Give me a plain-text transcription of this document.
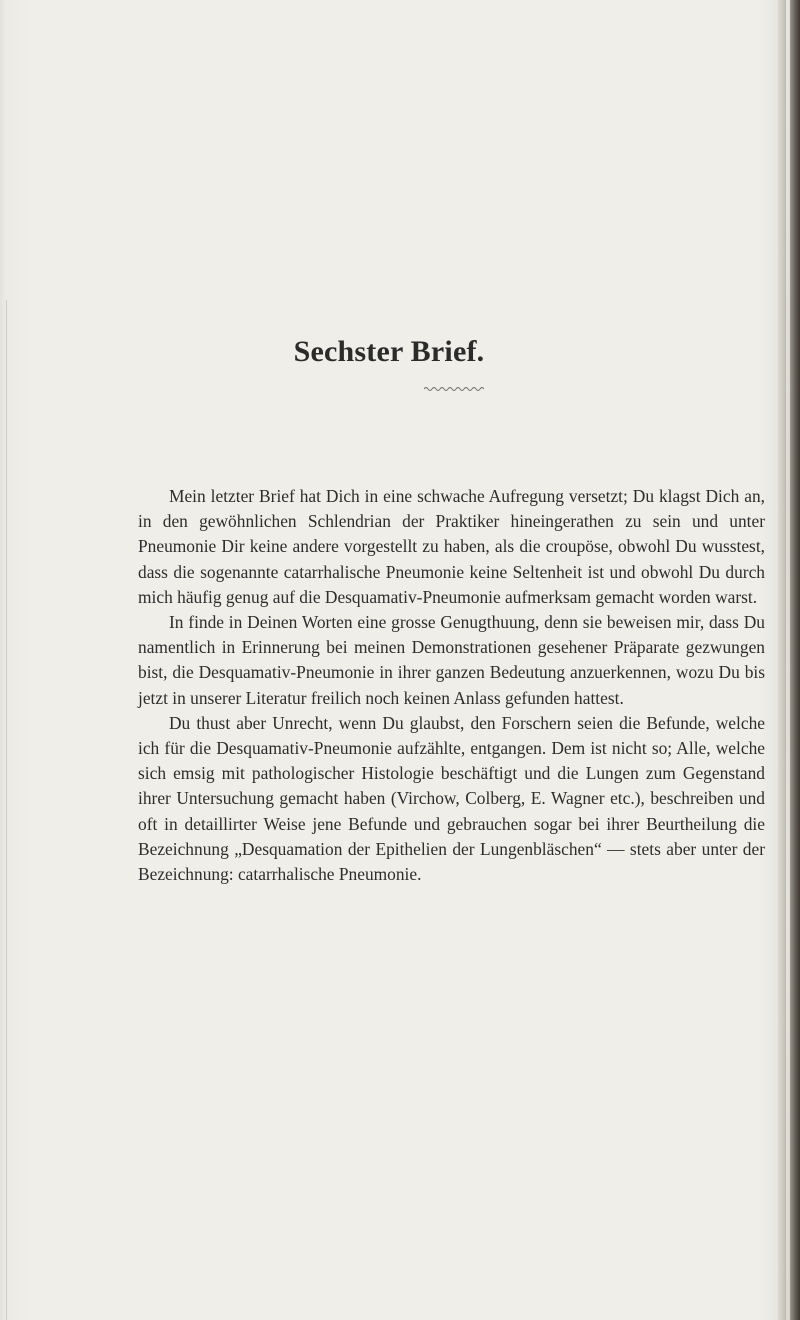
Sechster Brief.

Mein letzter Brief hat Dich in eine schwache Aufregung versetzt; Du klagst Dich an, in den gewöhnlichen Schlendrian der Praktiker hineingerathen zu sein und unter Pneumonie Dir keine andere vorgestellt zu haben, als die croupöse, obwohl Du wusstest, dass die sogenannte catarrhalische Pneumonie keine Seltenheit ist und obwohl Du durch mich häufig genug auf die Desquamativ-Pneumonie aufmerksam gemacht worden warst.

In finde in Deinen Worten eine grosse Genugthuung, denn sie beweisen mir, dass Du namentlich in Erinnerung bei meinen Demonstrationen gesehener Präparate gezwungen bist, die Desquamativ-Pneumonie in ihrer ganzen Bedeutung anzuerkennen, wozu Du bis jetzt in unserer Literatur freilich noch keinen Anlass gefunden hattest.

Du thust aber Unrecht, wenn Du glaubst, den Forschern seien die Befunde, welche ich für die Desquamativ-Pneumonie aufzählte, entgangen. Dem ist nicht so; Alle, welche sich emsig mit pathologischer Histologie beschäftigt und die Lungen zum Gegenstand ihrer Untersuchung gemacht haben (Virchow, Colberg, E. Wagner etc.), beschreiben und oft in detaillirter Weise jene Befunde und gebrauchen sogar bei ihrer Beurtheilung die Bezeichnung „Desquamation der Epithelien der Lungenbläschen“ — stets aber unter der Bezeichnung: catarrhalische Pneumonie.
